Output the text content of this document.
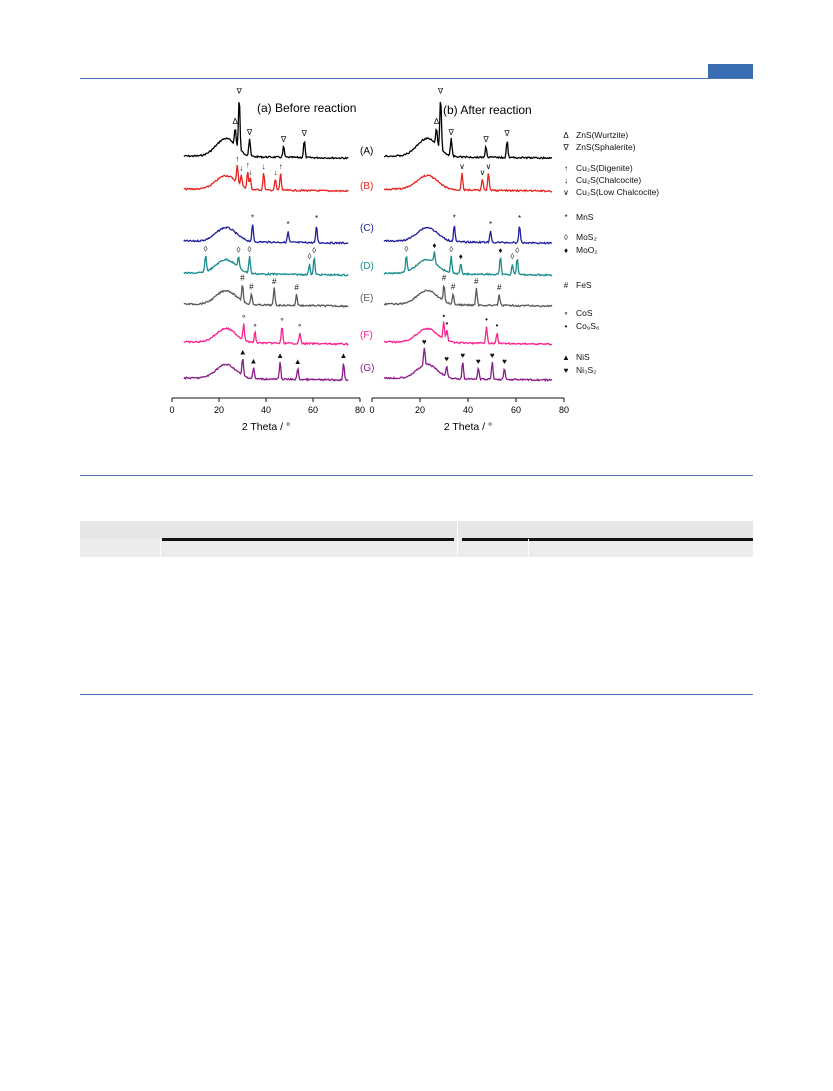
(a) Before reaction
2 Theta / °
(b) After reaction
2 Theta / °
(A)
(B)
(C)
(D)
(E)
(F)
(G)
Δ
∇
∇
∇
∇
↑
↓ ↑
↓
↓
↓
↑
*
*
*
◊	◊ ◊
◊
◊
#
#
#
#
∘
∘
∘
∘
▲
▲
▲
▲
▲
Δ
∇
∇
∇
∇
∨
∨
∨
*
*
*
◊	♦ ◊
♦
♦
◊
◊
#
#
#
#
•
•	•
•
♥
♥ ♥
♥
♥
♥
0	20	40	60	80 0	20	40	60	80
Δ ZnS(Wurtzite)
∇ ZnS(Sphalerite)
↑ Cu₂S(Digenite)
↓ Cu₂S(Chalcocite)
∨ Cu₂S(Low Chalcocite)
* MnS
◊ MoS₂
♦ MoO₂
# FeS
∘ CoS
• Co₉S₈
▲ NiS
♥ Ni₃S₂
